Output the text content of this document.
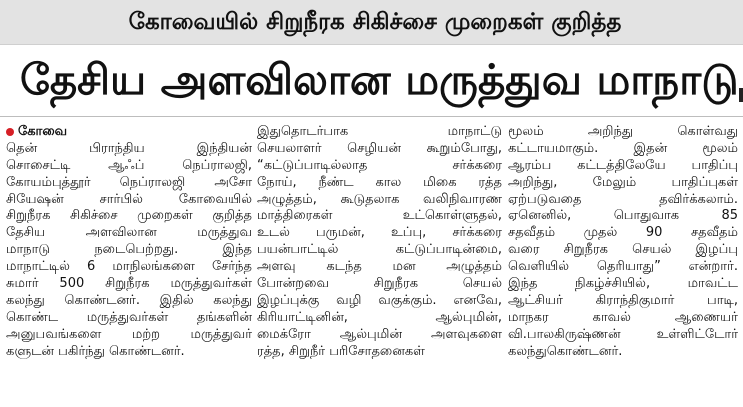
கோவையில் சிறுநீரக சிகிச்சை முறைகள் குறித்த
தேசிய அளவிலான மருத்துவ மாநாடு
கோவை
தென்	பிராந்திய	இந்தியன்
சொசைட்டி	ஆஃப்	நெப்ராலஜி,
கோயம்புத்தூர் நெப்ராலஜி அசோ
சியேஷன்	சார்பில்	கோவையில்
சிறுநீரக சிகிச்சை முறைகள் குறித்த
தேசிய	அளவிலான	மருத்துவ
மாநாடு	நடைபெற்றது.	இந்த
மாநாட்டில் 6 மாநிலங்களை சேர்ந்த
சுமார் 500 சிறுநீரக மருத்துவர்கள்
கலந்து கொண்டனர். இதில் கலந்து
கொண்ட மருத்துவர்கள் தங்களின்
அனுபவங்களை மற்ற மருத்துவர்
களுடன் பகிர்ந்து கொண்டனர்.
இதுதொடர்பாக	மாநாட்டு
செயலாளர் செழியன் கூறும்போது,
“கட்டுப்பாடில்லாத	சர்க்கரை
நோய், நீண்ட கால மிகை ரத்த
அழுத்தம், கூடுதலாக வலிநிவாரண
மாத்திரைகள்	உட்கொள்ளுதல்,
உடல் பருமன், உப்பு, சர்க்கரை
பயன்பாட்டில்	கட்டுப்பாடின்மை,
அளவு கடந்த மன அழுத்தம்
போன்றவை	சிறுநீரக	செயல்
இழப்புக்கு வழி வகுக்கும். எனவே,
கிரியாட்டினின்,	ஆல்புமின்,
மைக்ரோ ஆல்புமின் அளவுகளை
ரத்த, சிறுநீர் பரிசோதனைகள்
மூலம்	அறிந்து	கொள்வது
கட்டாயமாகும்.	இதன்	மூலம்
ஆரம்ப கட்டத்திலேயே பாதிப்பு
அறிந்து,	மேலும்	பாதிப்புகள்
ஏற்படுவதை	தவிர்க்கலாம்.
ஏனெனில்,	பொதுவாக	85
சதவீதம் முதல் 90 சதவீதம்
வரை சிறுநீரக செயல் இழப்பு
வெளியில் தெரியாது” என்றார்.
இந்த	நிகழ்ச்சியில்,	மாவட்ட
ஆட்சியர்	கிராந்திகுமார்	பாடி,
மாநகர	காவல்	ஆணையர்
வி.பாலகிருஷ்ணன்	உள்ளிட்டோர்
கலந்துகொண்டனர்.
